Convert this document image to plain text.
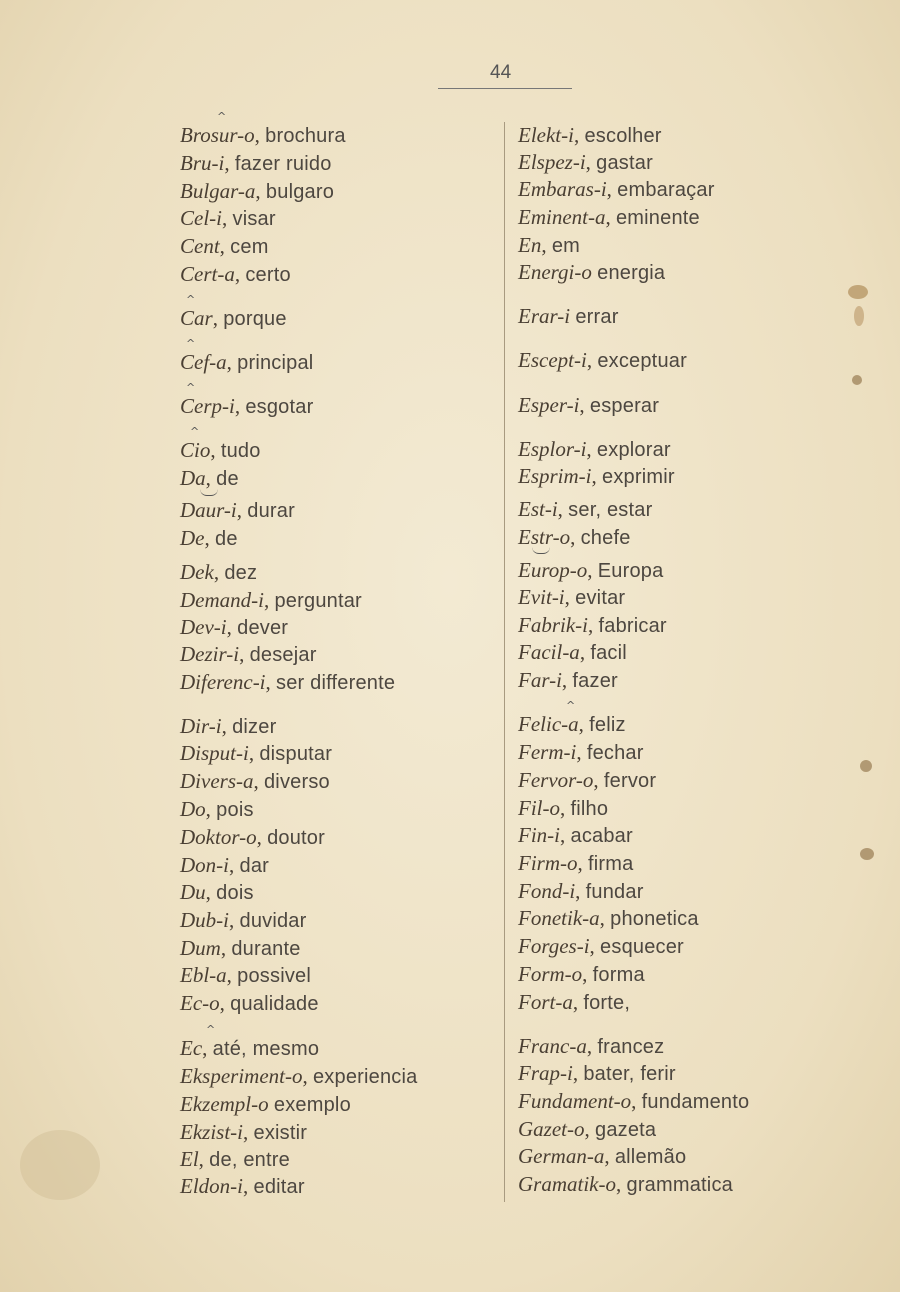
44
Brosur-o, brochura
Bru-i, fazer ruido
Bulgar-a, bulgaro
Cel-i, visar
Cent, cem
Cert-a, certo
Car, porque
Cef-a, principal
Cerp-i, esgotar
Cio, tudo
Da, de
Daur-i, durar
De, de
Dek, dez
Demand-i, perguntar
Dev-i, dever
Dezir-i, desejar
Diferenc-i, ser differente
Dir-i, dizer
Disput-i, disputar
Divers-a, diverso
Do, pois
Doktor-o, doutor
Don-i, dar
Du, dois
Dub-i, duvidar
Dum, durante
Ebl-a, possivel
Ec-o, qualidade
Ec, até, mesmo
Eksperiment-o, experiencia
Ekzempl-o exemplo
Ekzist-i, existir
El, de, entre
Eldon-i, editar
Elekt-i, escolher
Elspez-i, gastar
Embaras-i, embaraçar
Eminent-a, eminente
En, em
Energi-o energia
Erar-i errar
Escept-i, exceptuar
Esper-i, esperar
Esplor-i, explorar
Esprim-i, exprimir
Est-i, ser, estar
Estr-o, chefe
Europ-o, Europa
Evit-i, evitar
Fabrik-i, fabricar
Facil-a, facil
Far-i, fazer
Felic-a, feliz
Ferm-i, fechar
Fervor-o, fervor
Fil-o, filho
Fin-i, acabar
Firm-o, firma
Fond-i, fundar
Fonetik-a, phonetica
Forges-i, esquecer
Form-o, forma
Fort-a, forte,
Franc-a, francez
Frap-i, bater, ferir
Fundament-o, fundamento
Gazet-o, gazeta
German-a, allemão
Gramatik-o, grammatica
^
^
^
^
^
^
^
